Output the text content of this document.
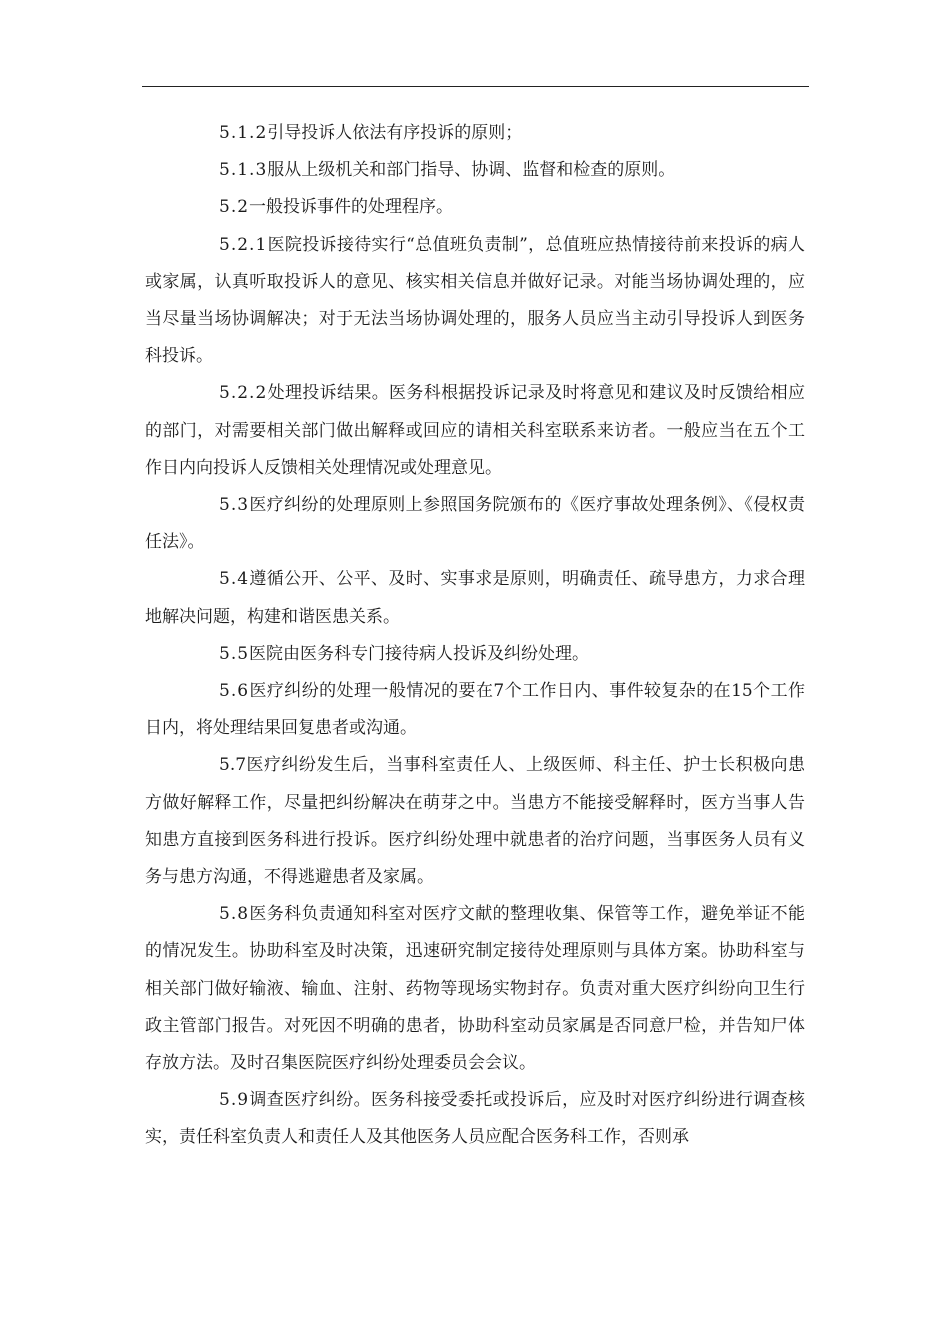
5.1.2引导投诉人依法有序投诉的原则；

5.1.3服从上级机关和部门指导、协调、监督和检查的原则。

5.2一般投诉事件的处理程序。

5.2.1医院投诉接待实行“总值班负责制”，总值班应热情接待前来投诉的病人或家属，认真听取投诉人的意见、核实相关信息并做好记录。对能当场协调处理的，应当尽量当场协调解决；对于无法当场协调处理的，服务人员应当主动引导投诉人到医务科投诉。

5.2.2处理投诉结果。医务科根据投诉记录及时将意见和建议及时反馈给相应的部门，对需要相关部门做出解释或回应的请相关科室联系来访者。一般应当在五个工作日内向投诉人反馈相关处理情况或处理意见。

5.3医疗纠纷的处理原则上参照国务院颁布的《医疗事故处理条例》、《侵权责任法》。

5.4遵循公开、公平、及时、实事求是原则，明确责任、疏导患方，力求合理地解决问题，构建和谐医患关系。

5.5医院由医务科专门接待病人投诉及纠纷处理。

5.6医疗纠纷的处理一般情况的要在7个工作日内、事件较复杂的在15个工作日内，将处理结果回复患者或沟通。

5.7医疗纠纷发生后，当事科室责任人、上级医师、科主任、护士长积极向患方做好解释工作，尽量把纠纷解决在萌芽之中。当患方不能接受解释时，医方当事人告知患方直接到医务科进行投诉。医疗纠纷处理中就患者的治疗问题，当事医务人员有义务与患方沟通，不得逃避患者及家属。

5.8医务科负责通知科室对医疗文献的整理收集、保管等工作，避免举证不能的情况发生。协助科室及时决策，迅速研究制定接待处理原则与具体方案。协助科室与相关部门做好输液、输血、注射、药物等现场实物封存。负责对重大医疗纠纷向卫生行政主管部门报告。对死因不明确的患者，协助科室动员家属是否同意尸检，并告知尸体存放方法。及时召集医院医疗纠纷处理委员会会议。

5.9调查医疗纠纷。医务科接受委托或投诉后，应及时对医疗纠纷进行调查核实，责任科室负责人和责任人及其他医务人员应配合医务科工作，否则承
